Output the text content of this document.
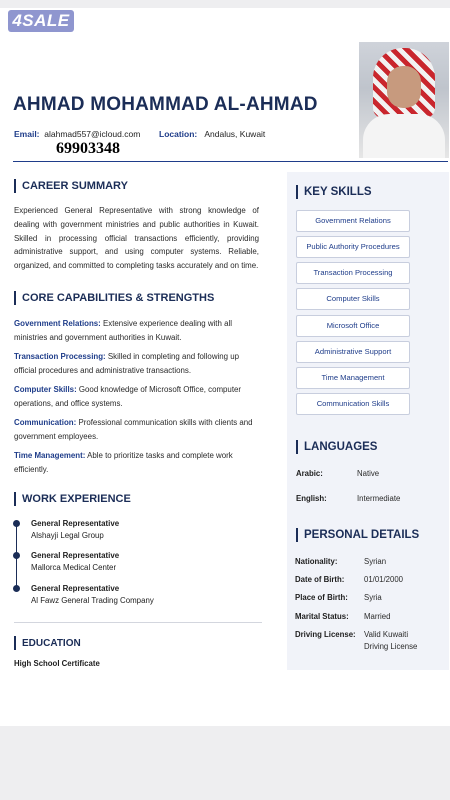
4SALE
AHMAD MOHAMMAD AL-AHMAD
Email: alahmad557@icloud.com Location: Andalus, Kuwait
69903348
CAREER SUMMARY
Experienced General Representative with strong knowledge of dealing with government ministries and public authorities in Kuwait. Skilled in processing official transactions efficiently, providing administrative support, and using computer systems. Reliable, organized, and committed to completing tasks accurately and on time.
CORE CAPABILITIES & STRENGTHS
Government Relations: Extensive experience dealing with all ministries and government authorities in Kuwait.
Transaction Processing: Skilled in completing and following up official procedures and administrative transactions.
Computer Skills: Good knowledge of Microsoft Office, computer operations, and office systems.
Communication: Professional communication skills with clients and government employees.
Time Management: Able to prioritize tasks and complete work efficiently.
WORK EXPERIENCE
General Representative
Alshayji Legal Group
General Representative
Mallorca Medical Center
General Representative
Al Fawz General Trading Company
EDUCATION
High School Certificate
KEY SKILLS
Government Relations
Public Authority Procedures
Transaction Processing
Computer Skills
Microsoft Office
Administrative Support
Time Management
Communication Skills
LANGUAGES
Arabic:	Native
English:	Intermediate
PERSONAL DETAILS
Nationality:	Syrian
Date of Birth:	01/01/2000
Place of Birth: Syria
Marital Status: Married
Driving License: Valid Kuwaiti
Driving License
